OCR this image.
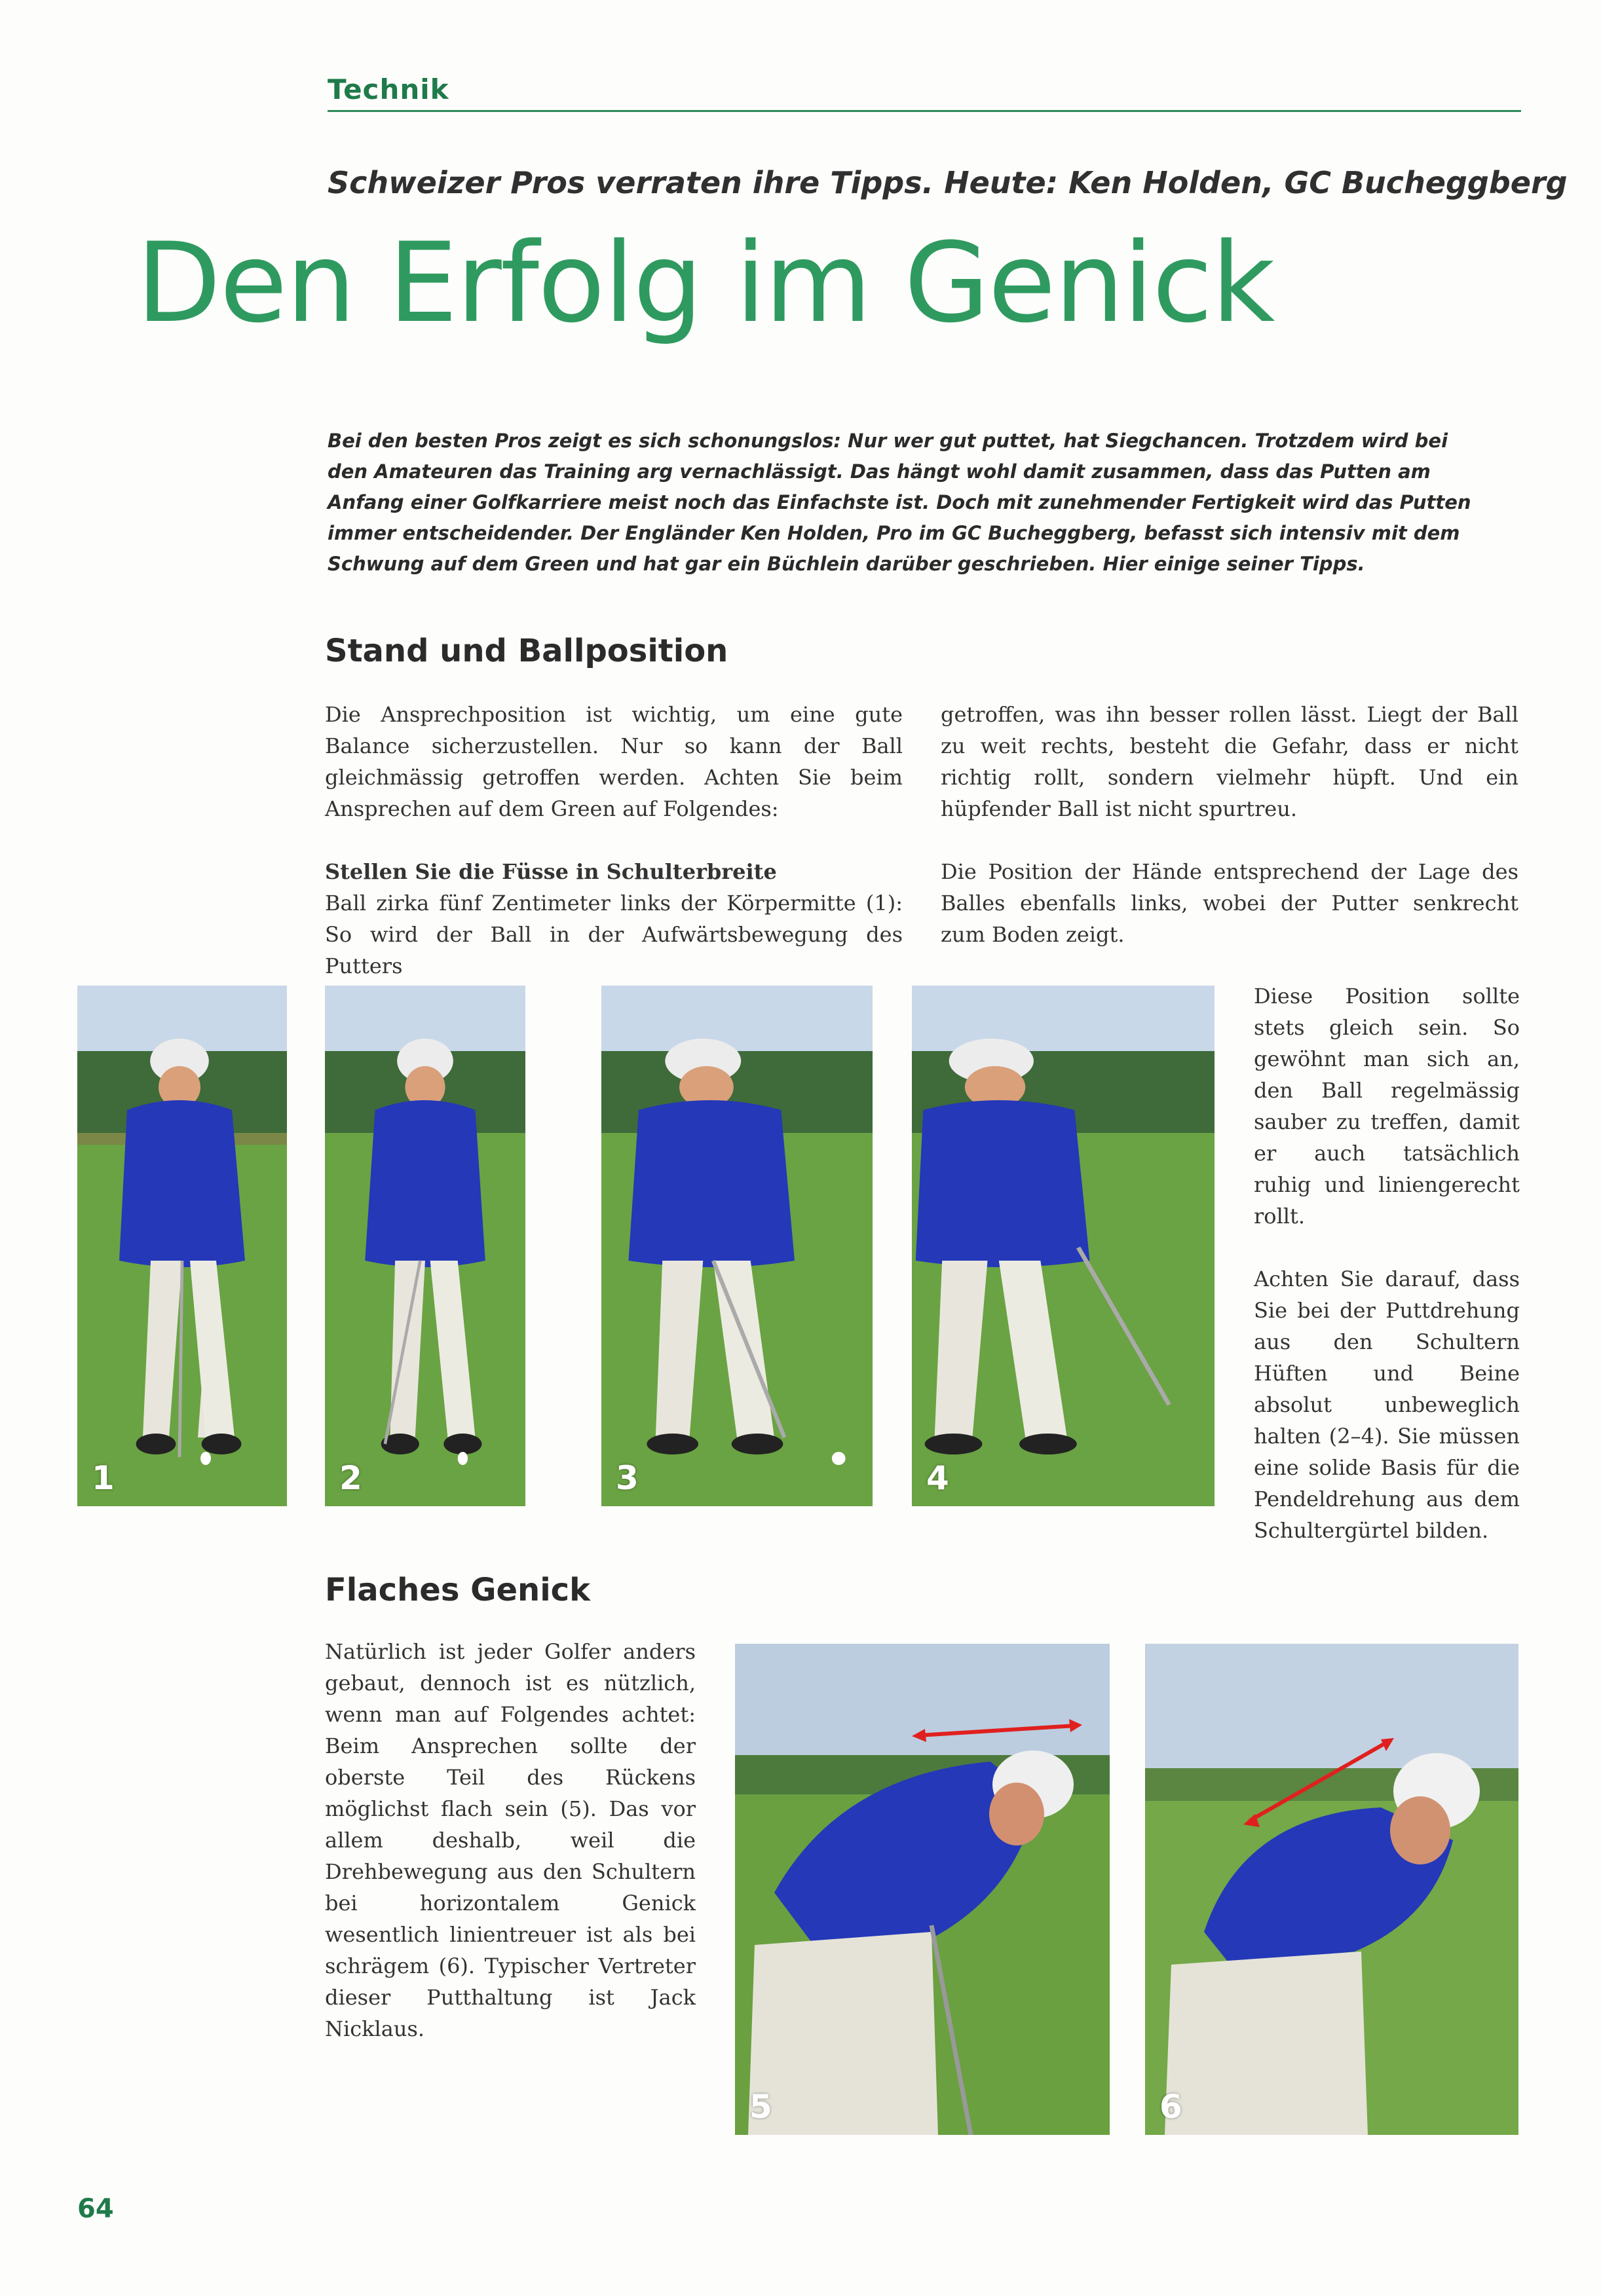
Technik
Schweizer Pros verraten ihre Tipps. Heute: Ken Holden, GC Bucheggberg
Den Erfolg im Genick

Bei den besten Pros zeigt es sich schonungslos: Nur wer gut puttet, hat Siegchancen. Trotzdem wird bei den Amateuren das Training arg vernachlässigt. Das hängt wohl damit zusammen, dass das Putten am Anfang einer Golfkarriere meist noch das Einfachste ist. Doch mit zunehmender Fertigkeit wird das Putten immer entscheidender. Der Engländer Ken Holden, Pro im GC Bucheggberg, befasst sich intensiv mit dem Schwung auf dem Green und hat gar ein Büchlein darüber geschrieben. Hier einige seiner Tipps.

Stand und Ballposition

Die Ansprechposition ist wichtig, um eine gute Balance sicherzustellen. Nur so kann der Ball gleichmässig getroffen werden. Achten Sie beim Ansprechen auf dem Green auf Folgendes:

Stellen Sie die Füsse in Schulterbreite

Ball zirka fünf Zentimeter links der Körpermitte (1): So wird der Ball in der Aufwärtsbewegung des Putters

getroffen, was ihn besser rollen lässt. Liegt der Ball zu weit rechts, besteht die Gefahr, dass er nicht richtig rollt, sondern vielmehr hüpft. Und ein hüpfender Ball ist nicht spurtreu.

Die Position der Hände entsprechend der Lage des Balles ebenfalls links, wobei der Putter senkrecht zum Boden zeigt.

Diese Position sollte stets gleich sein. So gewöhnt man sich an, den Ball regelmässig sauber zu treffen, damit er auch tatsächlich ruhig und liniengerecht rollt.

Achten Sie darauf, dass Sie bei der Puttdrehung aus den Schultern Hüften und Beine absolut unbeweglich halten (2–4). Sie müssen eine solide Basis für die Pendeldrehung aus dem Schultergürtel bilden.

1	2	3	4
Flaches Genick

Natürlich ist jeder Golfer anders gebaut, dennoch ist es nützlich, wenn man auf Folgendes achtet: Beim Ansprechen sollte der oberste Teil des Rückens möglichst flach sein (5). Das vor allem deshalb, weil die Drehbewegung aus den Schultern bei horizontalem Genick wesentlich linientreuer ist als bei schrägem (6). Typischer Vertreter dieser Putthaltung ist Jack Nicklaus.

5	6
64
